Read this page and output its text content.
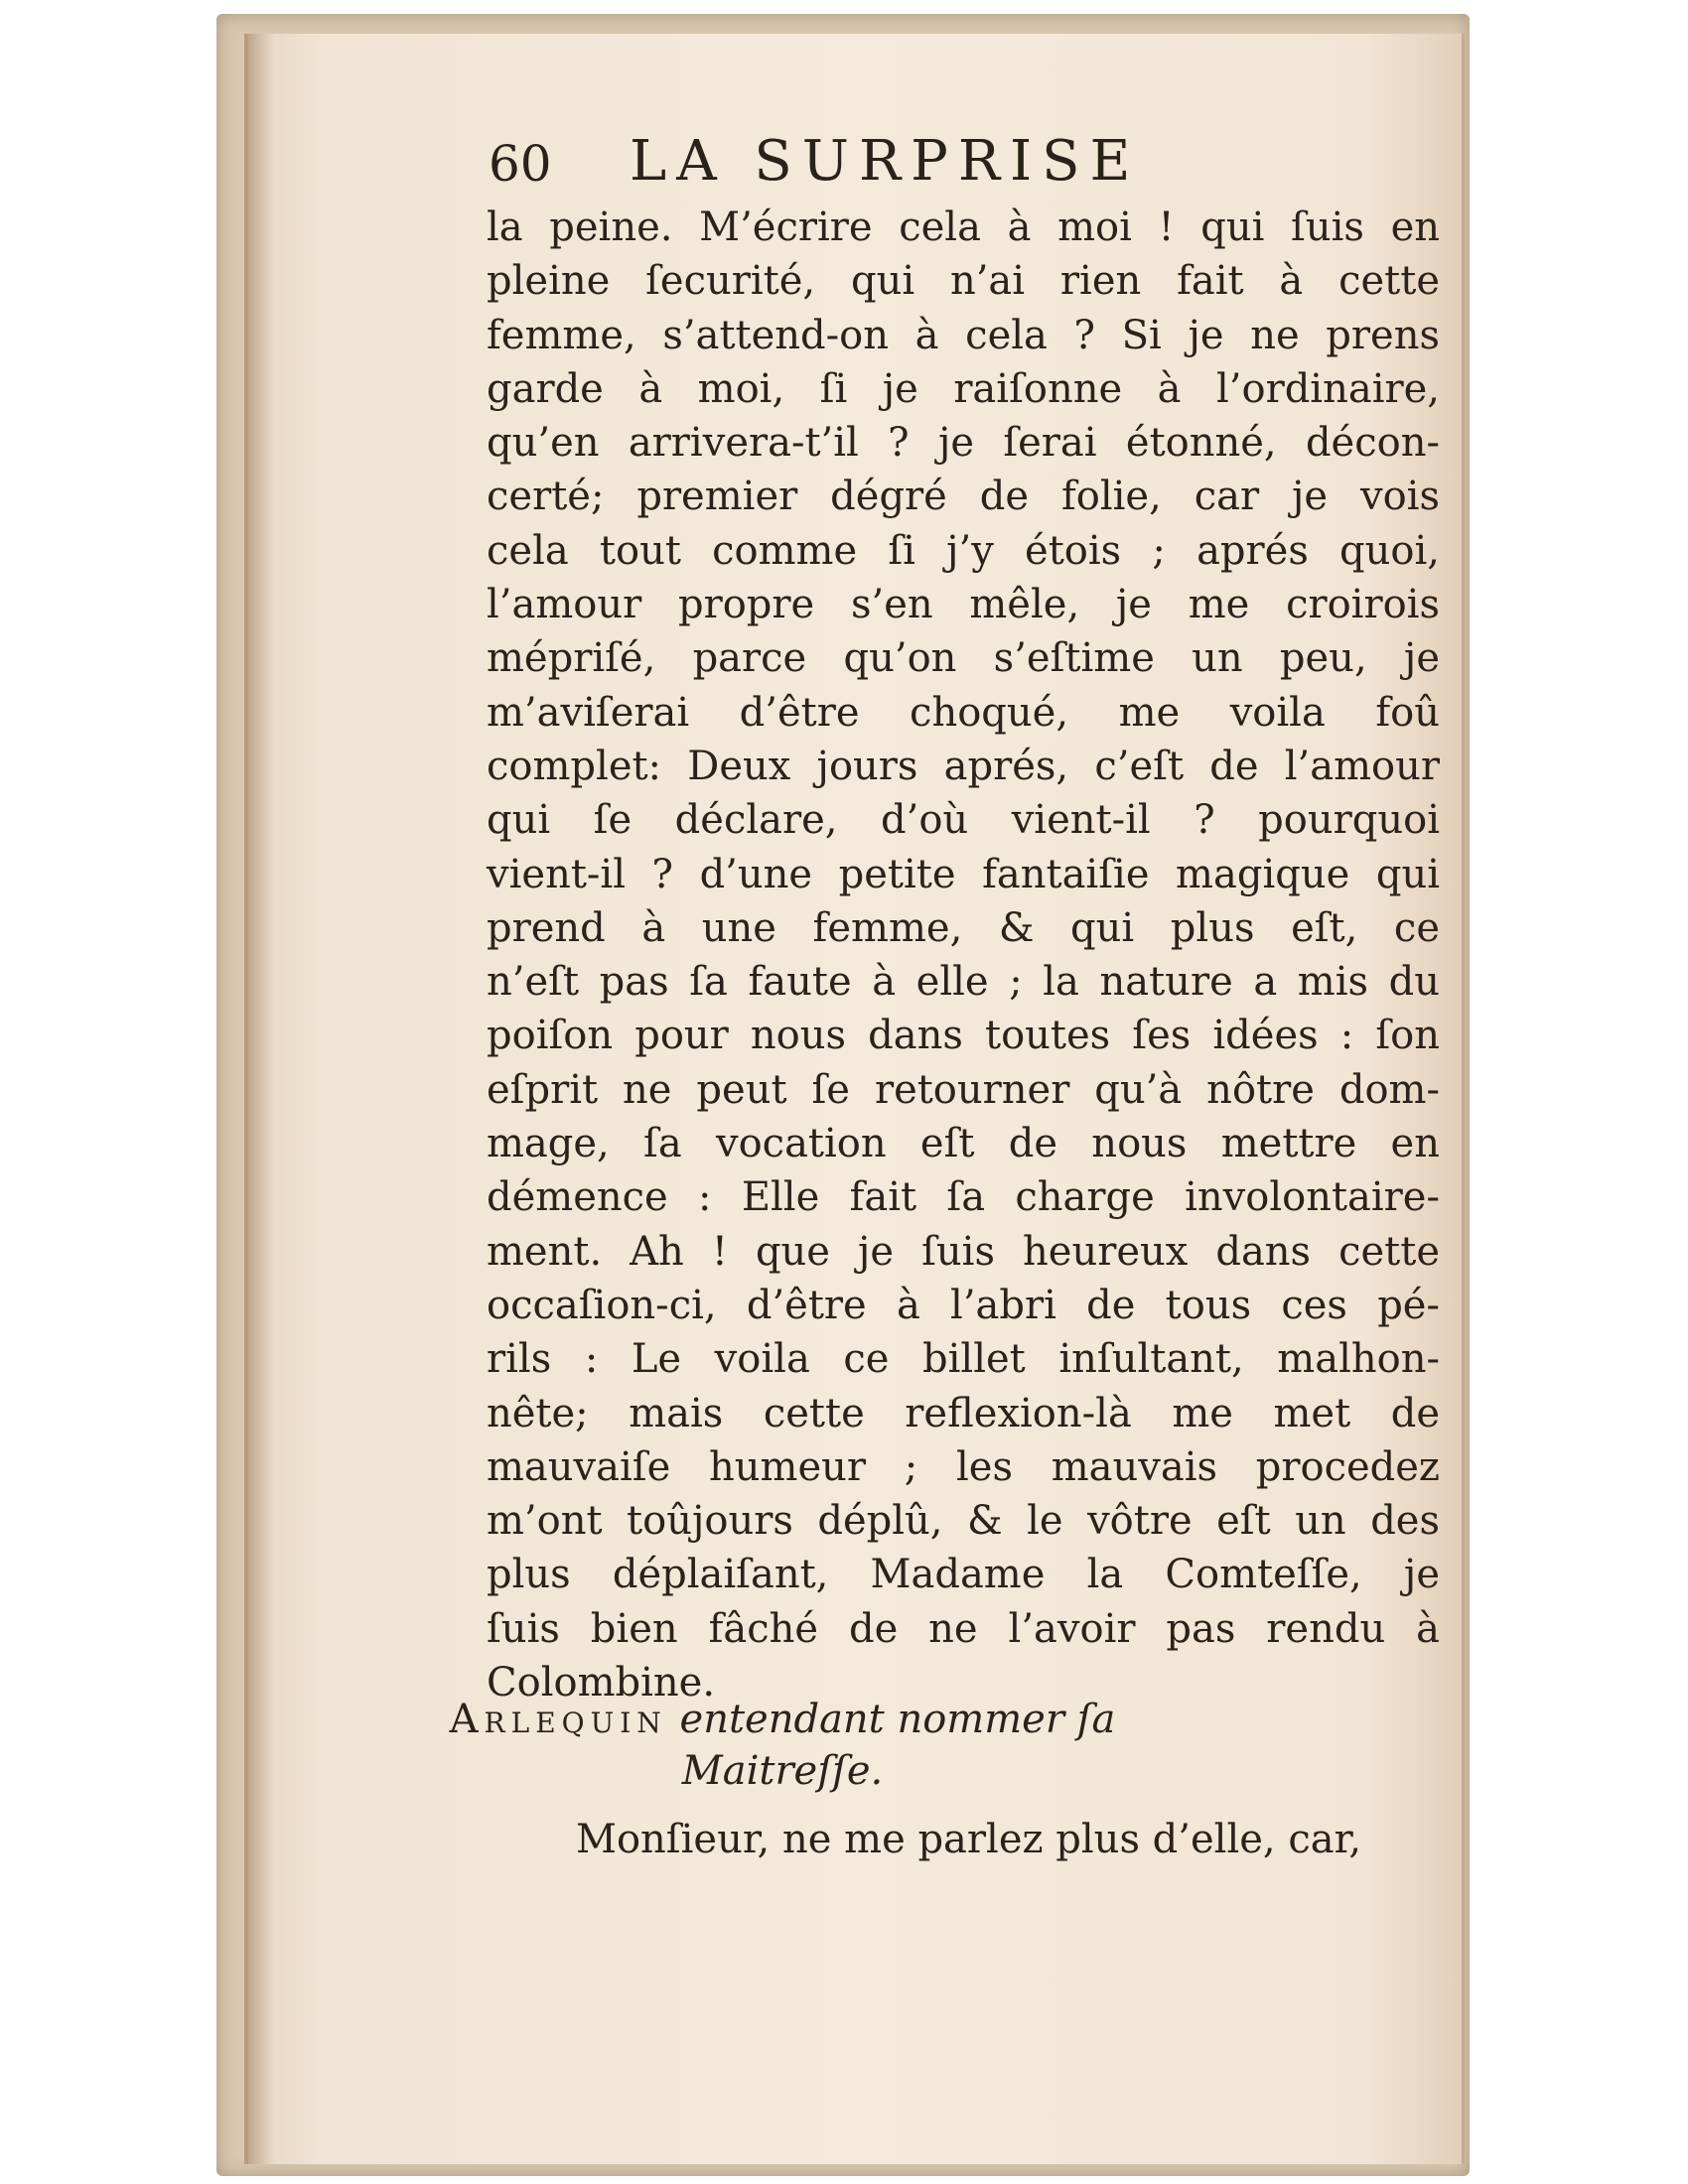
60 LA SURPRISE
la peine. M’écrire cela à moi ! qui ſuis en
pleine ſecurité, qui n’ai rien fait à cette
femme, s’attend-on à cela ? Si je ne prens
garde à moi, ſi je raiſonne à l’ordinaire,
qu’en arrivera-t’il ? je ſerai étonné, décon-
certé; premier dégré de folie, car je vois
cela tout comme ſi j’y étois ; aprés quoi,
l’amour propre s’en mêle, je me croirois
mépriſé, parce qu’on s’eſtime un peu, je
m’aviſerai d’être choqué, me voila foû
complet: Deux jours aprés, c’eſt de l’amour
qui ſe déclare, d’où vient-il ? pourquoi
vient-il ? d’une petite fantaiſie magique qui
prend à une femme, & qui plus eſt, ce
n’eſt pas ſa faute à elle ; la nature a mis du
poiſon pour nous dans toutes ſes idées : ſon
eſprit ne peut ſe retourner qu’à nôtre dom-
mage, ſa vocation eſt de nous mettre en
démence : Elle fait ſa charge involontaire-
ment. Ah ! que je ſuis heureux dans cette
occaſion-ci, d’être à l’abri de tous ces pé-
rils : Le voila ce billet inſultant, malhon-
nête; mais cette reflexion-là me met de
mauvaiſe humeur ; les mauvais procedez
m’ont toûjours déplû, & le vôtre eſt un des
plus déplaiſant, Madame la Comteſſe, je
ſuis bien fâché de ne l’avoir pas rendu à
Colombine.
Arlequin entendant nommer ſa
Maitreſſe.
Monſieur, ne me parlez plus d’elle, car,
